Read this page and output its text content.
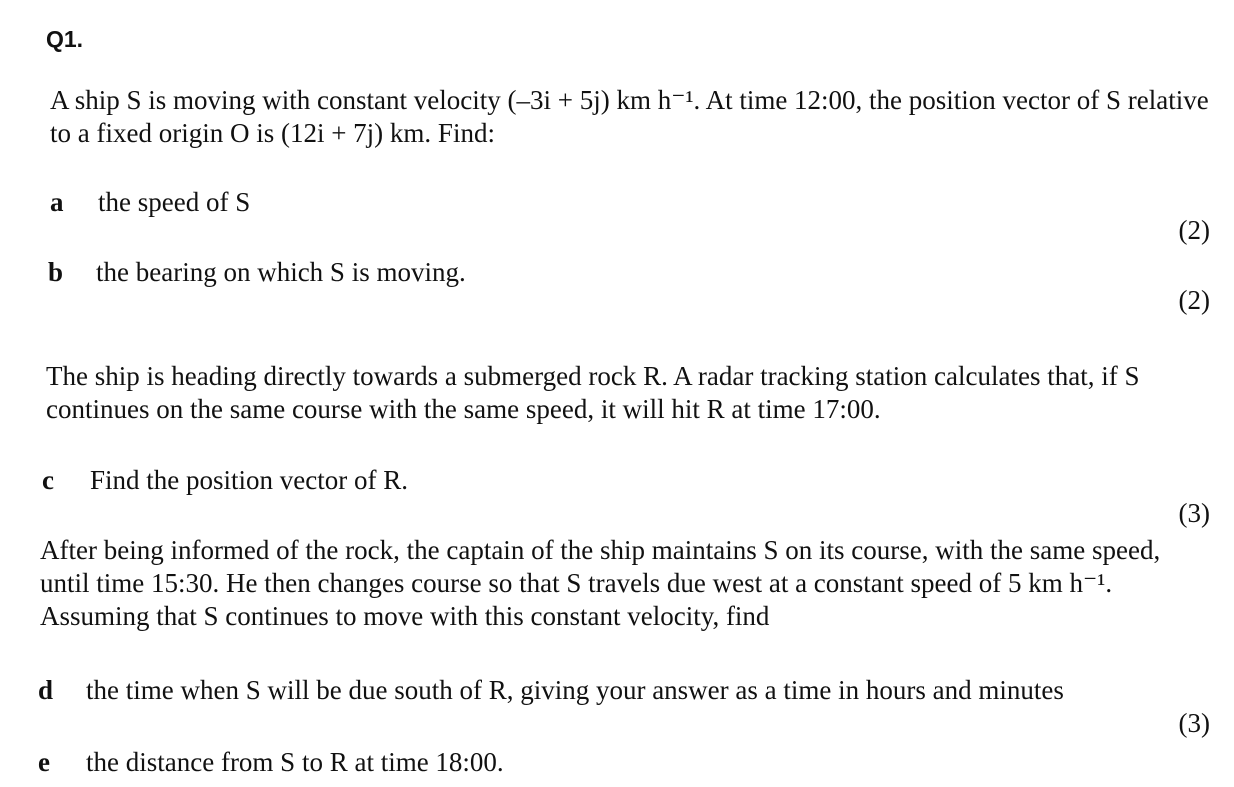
Q1.

A ship S is moving with constant velocity (–3i + 5j) km h⁻¹. At time 12:00, the position vector of S relative to a fixed origin O is (12i + 7j) km. Find:

a the speed of S
(2)
b the bearing on which S is moving.
(2)

The ship is heading directly towards a submerged rock R. A radar tracking station calculates that, if S continues on the same course with the same speed, it will hit R at time 17:00.

c Find the position vector of R.
(3)

After being informed of the rock, the captain of the ship maintains S on its course, with the same speed, until time 15:30. He then changes course so that S travels due west at a constant speed of 5 km h⁻¹. Assuming that S continues to move with this constant velocity, find

d the time when S will be due south of R, giving your answer as a time in hours and minutes
(3)
e the distance from S to R at time 18:00.
